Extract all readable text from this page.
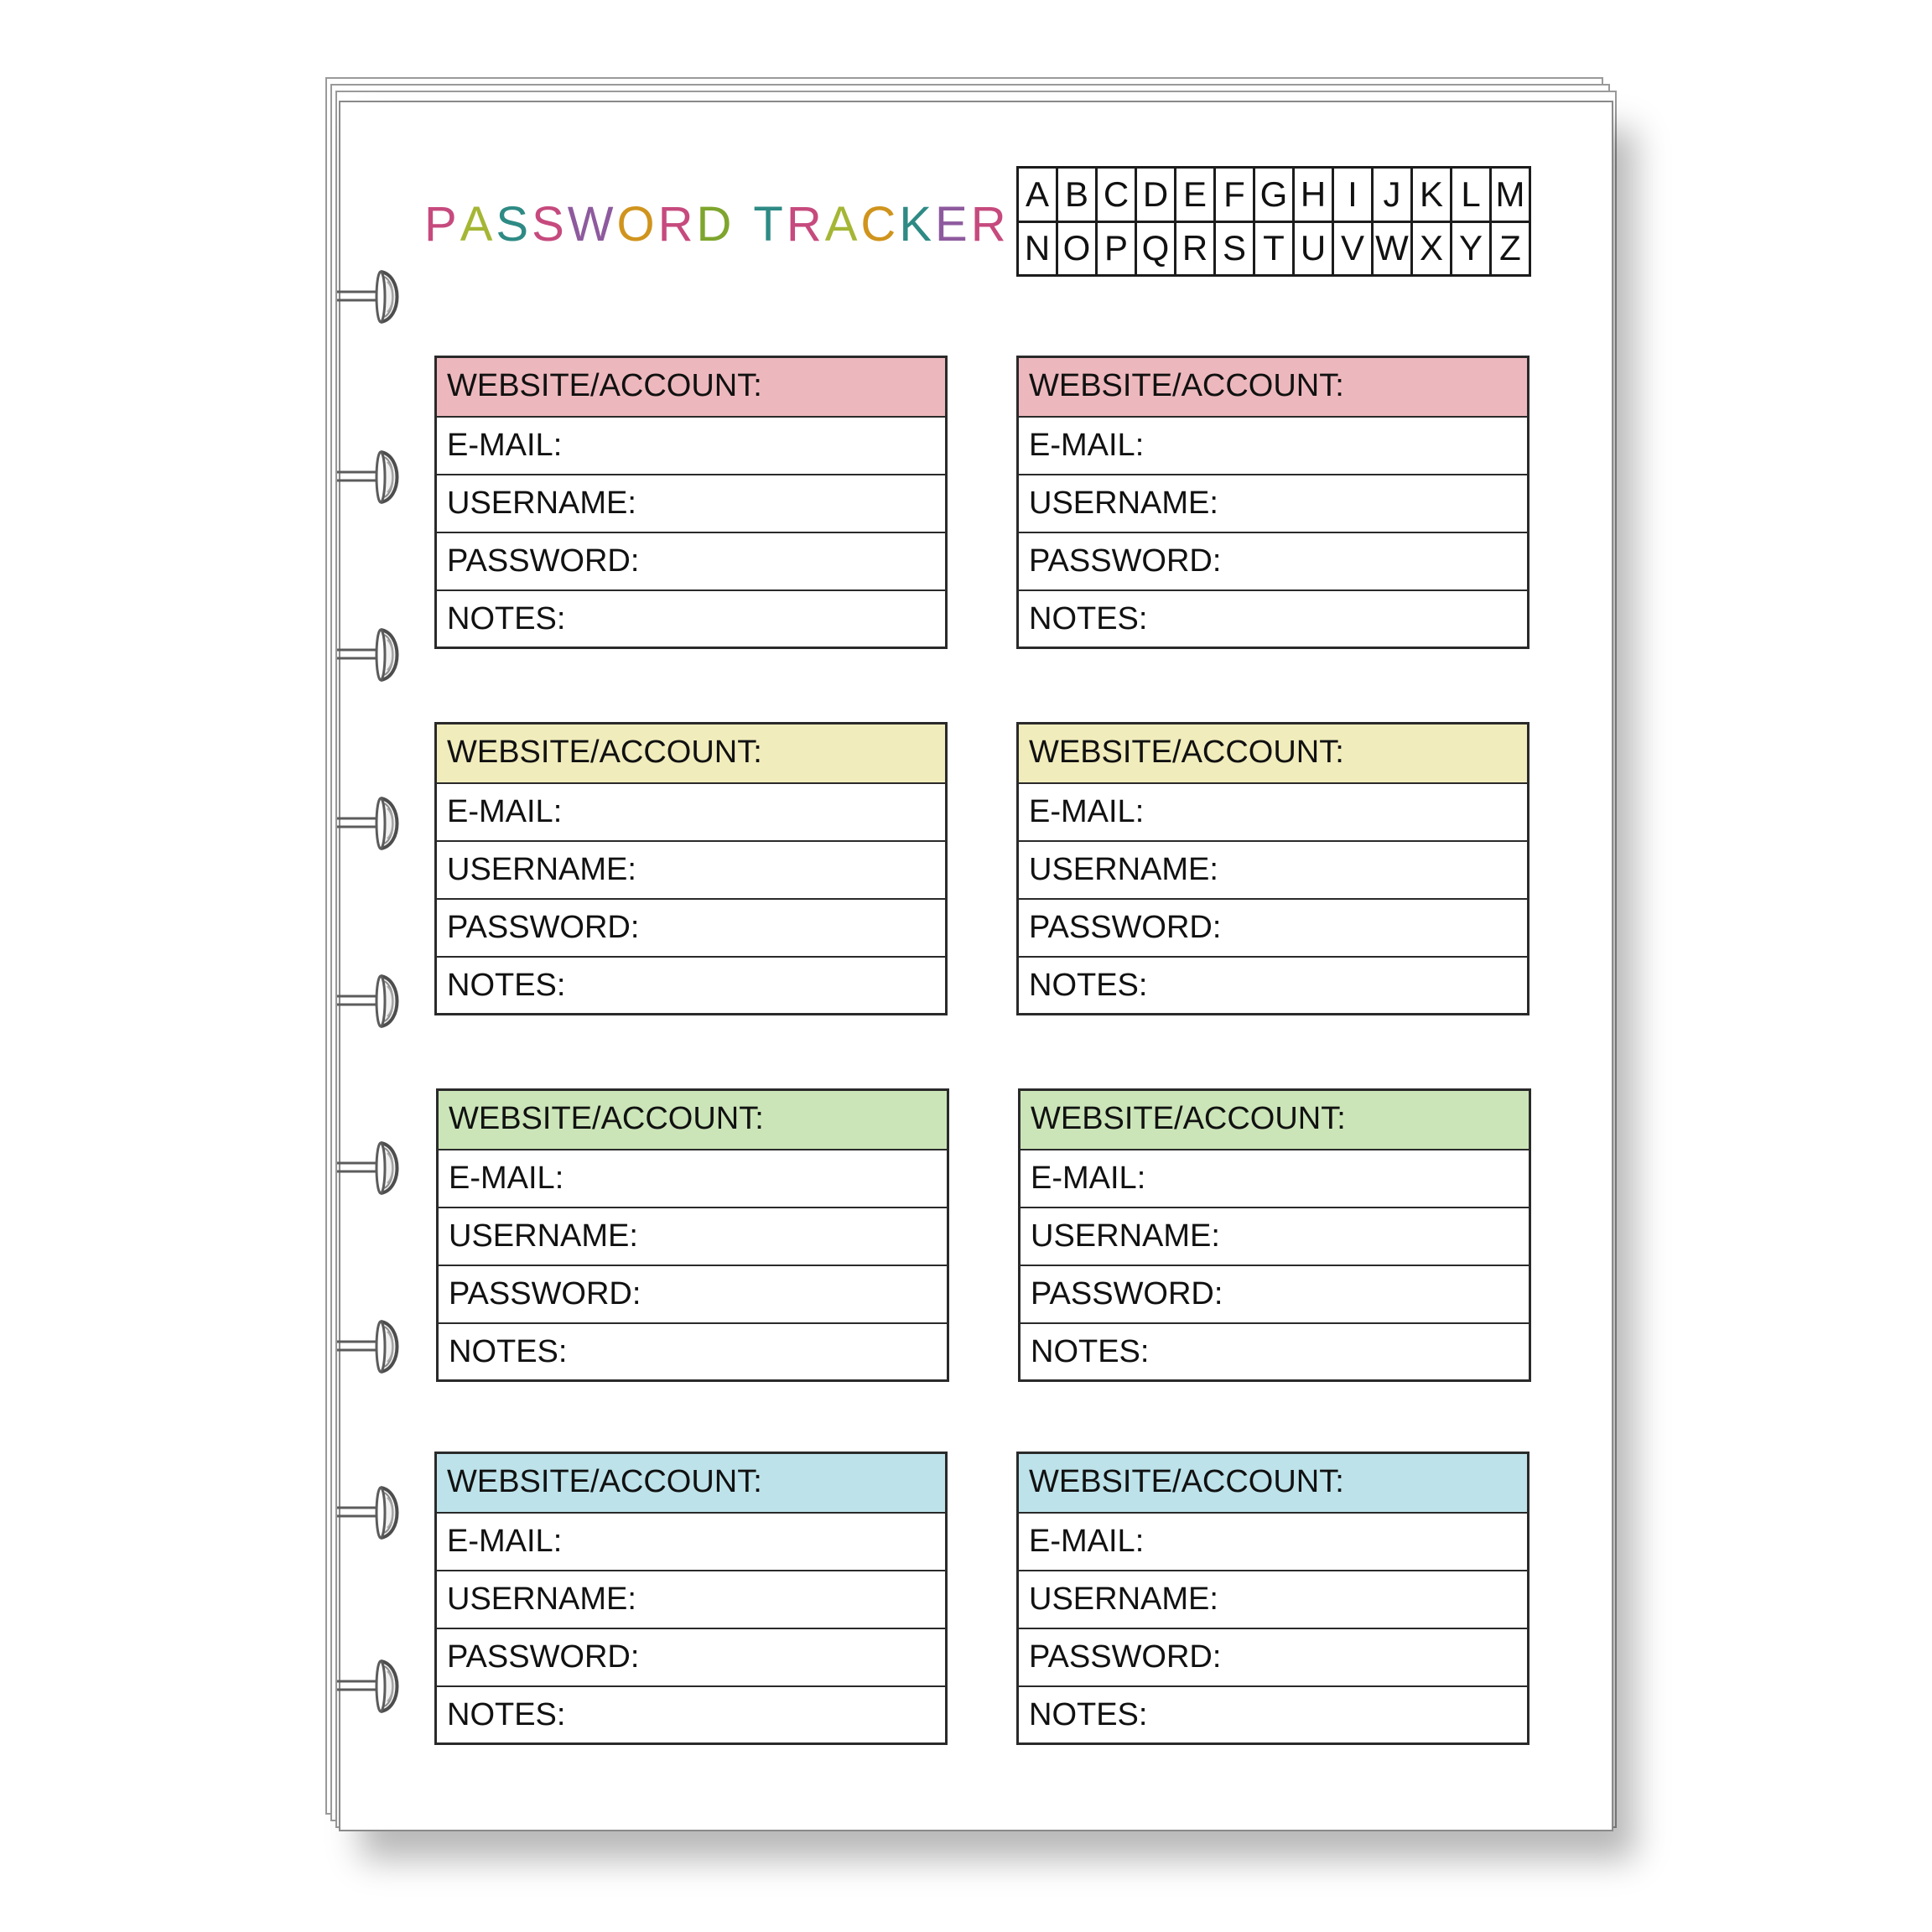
PASSWORD TRACKER
A	B	C	D	E	F	G	H	I	J	K	L	M
N	O	P	Q	R	S	T	U	V	W	X	Y	Z
WEBSITE/ACCOUNT:
E-MAIL:
USERNAME:
PASSWORD:
NOTES:
WEBSITE/ACCOUNT:
E-MAIL:
USERNAME:
PASSWORD:
NOTES:
WEBSITE/ACCOUNT:
E-MAIL:
USERNAME:
PASSWORD:
NOTES:
WEBSITE/ACCOUNT:
E-MAIL:
USERNAME:
PASSWORD:
NOTES:
WEBSITE/ACCOUNT:
E-MAIL:
USERNAME:
PASSWORD:
NOTES:
WEBSITE/ACCOUNT:
E-MAIL:
USERNAME:
PASSWORD:
NOTES:
WEBSITE/ACCOUNT:
E-MAIL:
USERNAME:
PASSWORD:
NOTES:
WEBSITE/ACCOUNT:
E-MAIL:
USERNAME:
PASSWORD:
NOTES:
